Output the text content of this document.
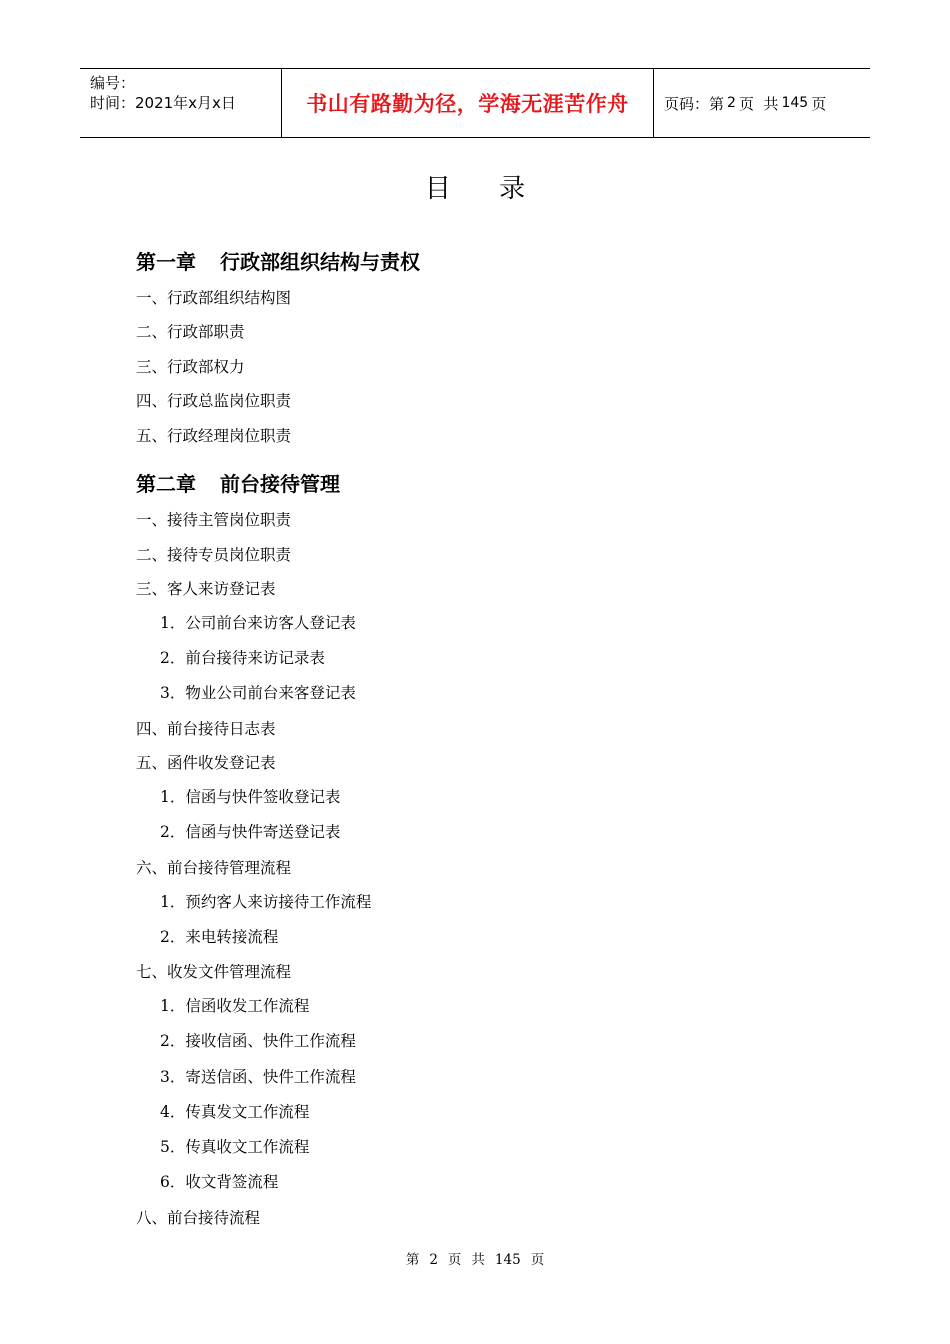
编号：
时间：2021年x月x日	书山有路勤为径，学海无涯苦作舟 页码：第 2 页  共 145 页
目 录
第一章 行政部组织结构与责权
一、行政部组织结构图
二、行政部职责
三、行政部权力
四、行政总监岗位职责
五、行政经理岗位职责
第二章 前台接待管理
一、接待主管岗位职责
二、接待专员岗位职责
三、客人来访登记表
1．公司前台来访客人登记表
2．前台接待来访记录表
3．物业公司前台来客登记表
四、前台接待日志表
五、函件收发登记表
1．信函与快件签收登记表
2．信函与快件寄送登记表
六、前台接待管理流程
1．预约客人来访接待工作流程
2．来电转接流程
七、收发文件管理流程
1．信函收发工作流程
2．接收信函、快件工作流程
3．寄送信函、快件工作流程
4．传真发文工作流程
5．传真收文工作流程
6．收文背签流程
八、前台接待流程
第 2 页 共 145 页
